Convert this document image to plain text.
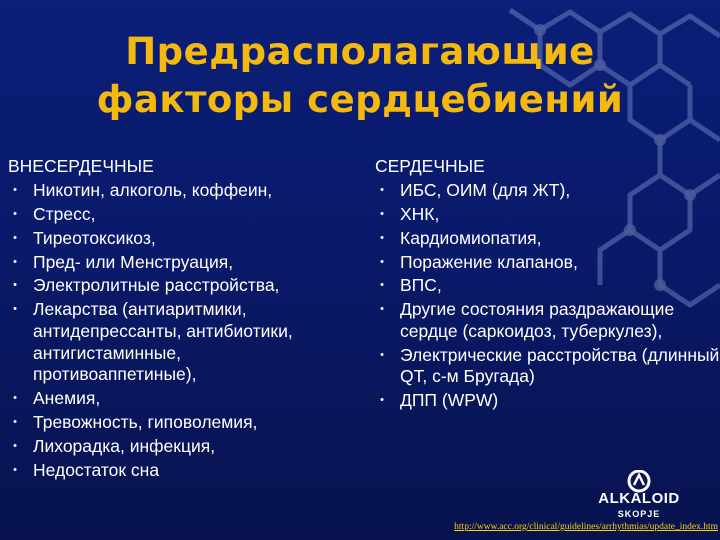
Предрасполагающие
факторы сердцебиений
ВНЕСЕРДЕЧНЫЕ
• Никотин, алкоголь, коффеин,
• Стресс,
• Тиреотоксикоз,
• Пред- или Менструация,
• Электролитные расстройства,
• Лекарства (антиаритмики, антидепрессанты, антибиотики, антигистаминные, противоаппетиные),
• Анемия,
• Тревожность, гиповолемия,
• Лихорадка, инфекция,
• Недостаток сна
СЕРДЕЧНЫЕ
• ИБС, ОИМ (для ЖТ),
• ХНК,
• Кардиомиопатия,
• Поражение клапанов,
• ВПС,
• Другие состояния раздражающие сердце (саркоидоз, туберкулез),
• Электрические расстройства (длинный QT, с-м Бругада)
• ДПП (WPW)
ALKALOID
SKOPJE
http://www.acc.org/clinical/guidelines/arrhythmias/update_index.htm
